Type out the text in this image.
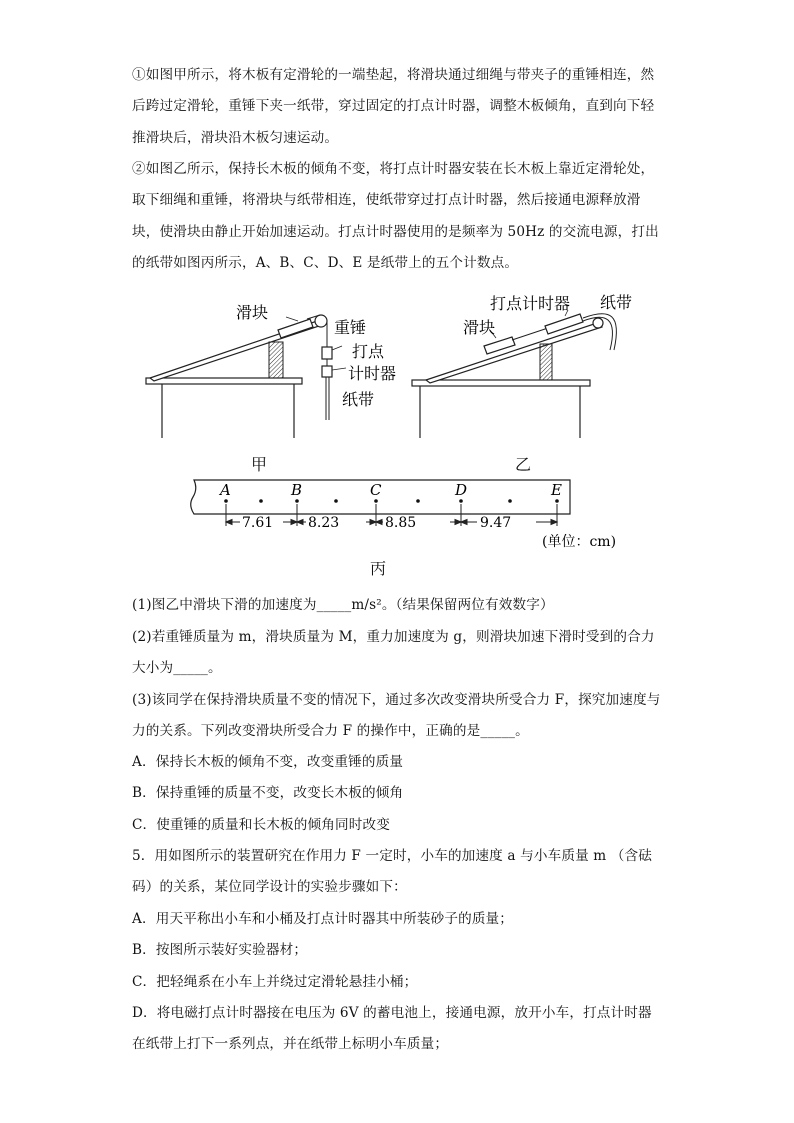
①如图甲所示，将木板有定滑轮的一端垫起，将滑块通过细绳与带夹子的重锤相连，然后跨过定滑轮，重锤下夹一纸带，穿过固定的打点计时器，调整木板倾角，直到向下轻推滑块后，滑块沿木板匀速运动。

②如图乙所示，保持长木板的倾角不变，将打点计时器安装在长木板上靠近定滑轮处，取下细绳和重锤，将滑块与纸带相连，使纸带穿过打点计时器，然后接通电源释放滑块，使滑块由静止开始加速运动。打点计时器使用的是频率为 50Hz 的交流电源，打出的纸带如图丙所示，A、B、C、D、E 是纸带上的五个计数点。

滑块
重锤
打点
计时器
纸带
打点计时器 纸带
滑块
甲	乙
A	B	C	D	E
7.61 8.23	8.85	9.47
(单位：cm)
丙

(1)图乙中滑块下滑的加速度为_____m/s²。（结果保留两位有效数字）

(2)若重锤质量为 m，滑块质量为 M，重力加速度为 g，则滑块加速下滑时受到的合力大小为_____。

(3)该同学在保持滑块质量不变的情况下，通过多次改变滑块所受合力 F，探究加速度与力的关系。下列改变滑块所受合力 F 的操作中，正确的是_____。

A．保持长木板的倾角不变，改变重锤的质量

B．保持重锤的质量不变，改变长木板的倾角

C．使重锤的质量和长木板的倾角同时改变

5．用如图所示的装置研究在作用力 F 一定时，小车的加速度 a 与小车质量 m （含砝码）的关系，某位同学设计的实验步骤如下：

A．用天平称出小车和小桶及打点计时器其中所装砂子的质量；

B．按图所示装好实验器材；

C．把轻绳系在小车上并绕过定滑轮悬挂小桶；

D．将电磁打点计时器接在电压为 6V 的蓄电池上，接通电源，放开小车，打点计时器在纸带上打下一系列点，并在纸带上标明小车质量；
